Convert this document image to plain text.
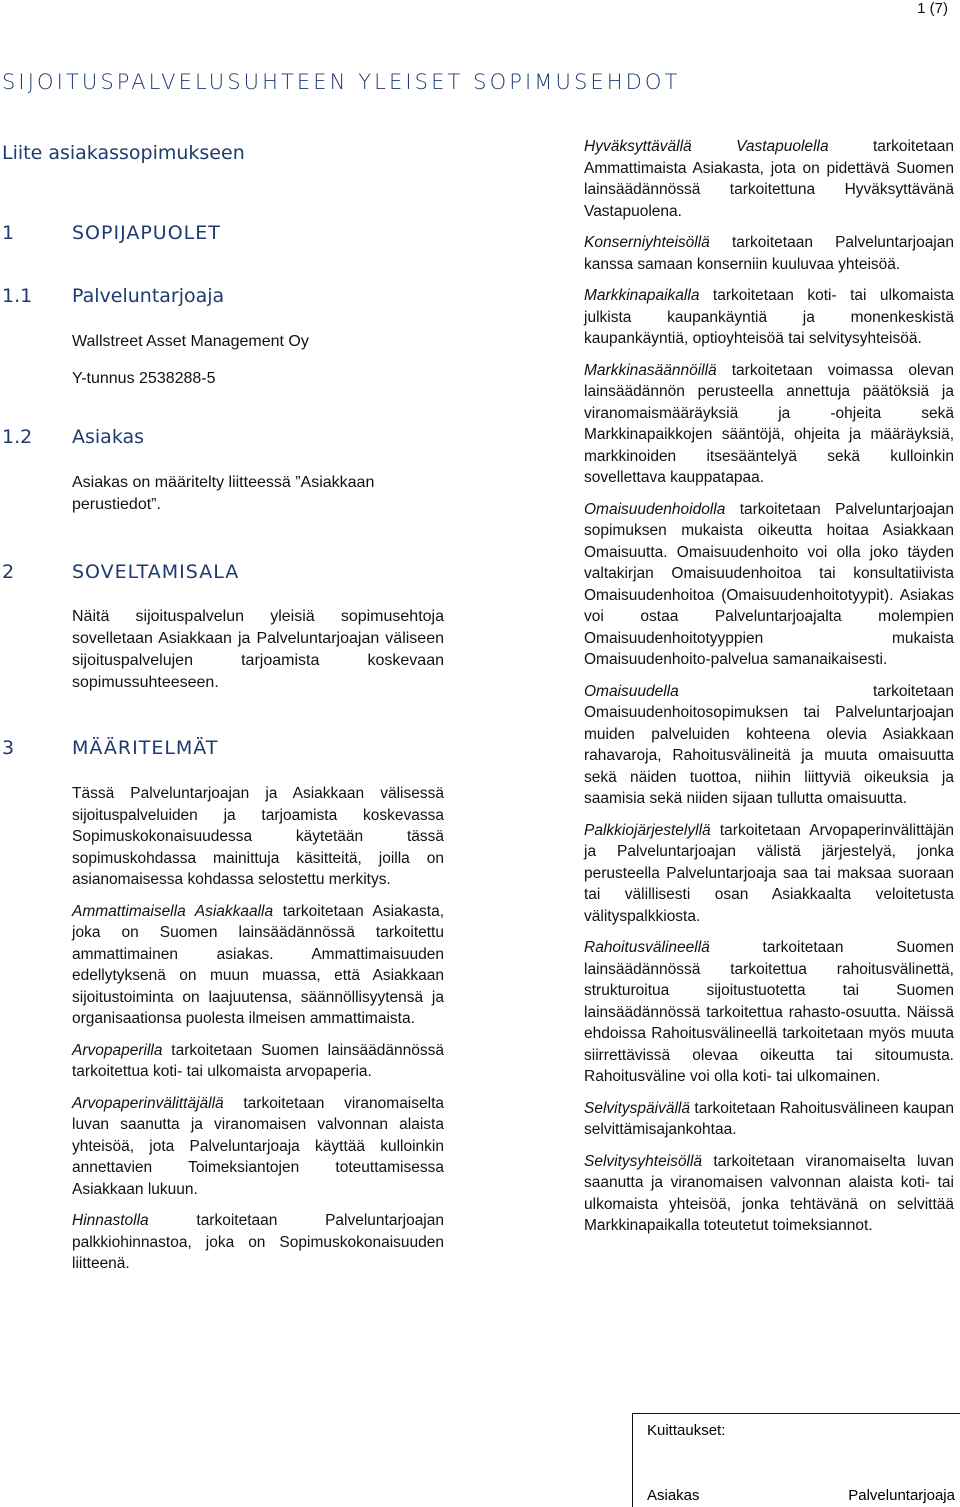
1 (7)
SIJOITUSPALVELUSUHTEEN YLEISET SOPIMUSEHDOT
Liite asiakassopimukseen
1	SOPIJAPUOLET
1.1 Palveluntarjoaja
Wallstreet Asset Management Oy
Y-tunnus 2538288-5
1.2 Asiakas
Asiakas on määritelty liitteessä ”Asiakkaan perustiedot”.
2	SOVELTAMISALA
Näitä sijoituspalvelun yleisiä sopimusehtoja sovelletaan Asiakkaan ja Palveluntarjoajan väliseen sijoituspalvelujen tarjoamista koskevaan sopimussuhteeseen.
3	MÄÄRITELMÄT

Tässä Palveluntarjoajan ja Asiakkaan välisessä sijoituspalveluiden ja tarjoamista koskevassa Sopimuskokonaisuudessa käytetään tässä sopimuskohdassa mainittuja käsitteitä, joilla on asianomaisessa kohdassa selostettu merkitys.

Ammattimaisella Asiakkaalla tarkoitetaan Asiakasta, joka on Suomen lainsäädännössä tarkoitettu ammattimainen asiakas. Ammattimaisuuden edellytyksenä on muun muassa, että Asiakkaan sijoitustoiminta on laajuutensa, säännöllisyytensä ja organisaationsa puolesta ilmeisen ammattimaista.

Arvopaperilla tarkoitetaan Suomen lainsäädännössä tarkoitettua koti- tai ulkomaista arvopaperia.

Arvopaperinvälittäjällä tarkoitetaan viranomaiselta luvan saanutta ja viranomaisen valvonnan alaista yhteisöä, jota Palveluntarjoaja käyttää kulloinkin annettavien Toimeksiantojen toteuttamisessa Asiakkaan lukuun.

Hinnastolla tarkoitetaan Palveluntarjoajan palkkiohinnastoa, joka on Sopimuskokonaisuuden liitteenä.

Hyväksyttävällä Vastapuolella tarkoitetaan Ammattimaista Asiakasta, jota on pidettävä Suomen lainsäädännössä tarkoitettuna Hyväksyttävänä Vastapuolena.

Konserniyhteisöllä tarkoitetaan Palveluntarjoajan kanssa samaan konserniin kuuluvaa yhteisöä.

Markkinapaikalla tarkoitetaan koti- tai ulkomaista julkista kaupankäyntiä ja monenkeskistä kaupankäyntiä, optioyhteisöä tai selvitysyhteisöä.

Markkinasäännöillä tarkoitetaan voimassa olevan lainsäädännön perusteella annettuja päätöksiä ja viranomaismääräyksiä ja -ohjeita sekä Markkinapaikkojen sääntöjä, ohjeita ja määräyksiä, markkinoiden itsesääntelyä sekä kulloinkin sovellettava kauppatapaa.

Omaisuudenhoidolla tarkoitetaan Palveluntarjoajan sopimuksen mukaista oikeutta hoitaa Asiakkaan Omaisuutta. Omaisuudenhoito voi olla joko täyden valtakirjan Omaisuudenhoitoa tai konsultatiivista Omaisuudenhoitoa (Omaisuudenhoitotyypit). Asiakas voi ostaa Palveluntarjoajalta molempien Omaisuudenhoitotyyppien mukaista Omaisuudenhoito-palvelua samanaikaisesti.

Omaisuudella tarkoitetaan Omaisuudenhoitosopimuksen tai Palveluntarjoajan muiden palveluiden kohteena olevia Asiakkaan rahavaroja, Rahoitusvälineitä ja muuta omaisuutta sekä näiden tuottoa, niihin liittyviä oikeuksia ja saamisia sekä niiden sijaan tullutta omaisuutta.

Palkkiojärjestelyllä tarkoitetaan Arvopaperinvälittäjän ja Palveluntarjoajan välistä järjestelyä, jonka perusteella Palveluntarjoaja saa tai maksaa suoraan tai välillisesti osan Asiakkaalta veloitetusta välityspalkkiosta.

Rahoitusvälineellä tarkoitetaan Suomen lainsäädännössä tarkoitettua rahoitusvälinettä, strukturoitua sijoitustuotetta tai Suomen lainsäädännössä tarkoitettua rahasto-osuutta. Näissä ehdoissa Rahoitusvälineellä tarkoitetaan myös muuta siirrettävissä olevaa oikeutta tai sitoumusta. Rahoitusväline voi olla koti- tai ulkomainen.

Selvityspäivällä tarkoitetaan Rahoitusvälineen kaupan selvittämisajankohtaa.

Selvitysyhteisöllä tarkoitetaan viranomaiselta luvan saanutta ja viranomaisen valvonnan alaista koti- tai ulkomaista yhteisöä, jonka tehtävänä on selvittää Markkinapaikalla toteutetut toimeksiannot.

Kuittaukset:
Asiakas	Palveluntarjoaja
